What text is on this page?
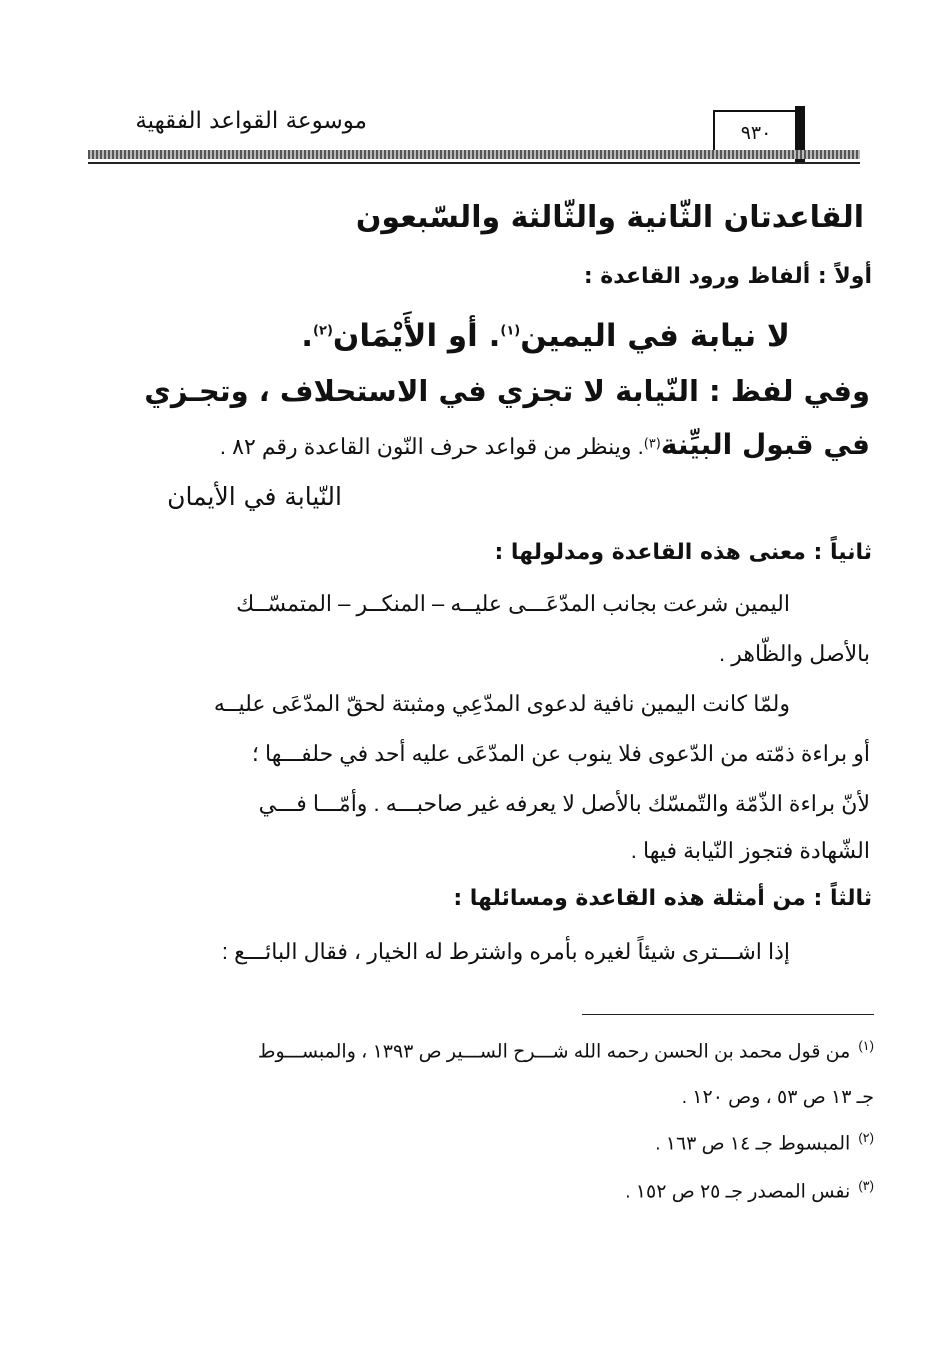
موسوعة القواعد الفقهية	٩٣٠
القاعدتان الثّانية والثّالثة والسّبعون
أولاً : ألفاظ ورود القاعدة :
لا نيابة في اليمين$^{(١)}$. أو الأَيْمَان$^{(٢)}$.
وفي لفظ : النّيابة لا تجزي في الاستحلاف ، وتجـزي
في قبول البيِّنة$^{(٣)}$. وينظر من قواعد حرف النّون القاعدة رقم ٨٢ .
النّيابة في الأيمان
ثانياً : معنى هذه القاعدة ومدلولها :
اليمين شرعت بجانب المدّعَـــى عليــه – المنكــر – المتمسّــك
بالأصل والظّاهر .
ولمّا كانت اليمين نافية لدعوى المدّعِي ومثبتة لحقّ المدّعَى عليــه
أو براءة ذمّته من الدّعوى فلا ينوب عن المدّعَى عليه أحد في حلفـــها ؛
لأنّ براءة الذّمّة والتّمسّك بالأصل لا يعرفه غير صاحبـــه . وأمّـــا فـــي
الشّهادة فتجوز النّيابة فيها .
ثالثاً : من أمثلة هذه القاعدة ومسائلها :
إذا اشـــترى شيئاً لغيره بأمره واشترط له الخيار ، فقال البائـــع :
$^{(١)}$من قول محمد بن الحسن رحمه الله شـــرح الســـير ص ١٣٩٣ ، والمبســـوط
جـ ١٣ ص ٥٣ ، وص ١٢٠ .
$^{(٢)}$المبسوط جـ ١٤ ص ١٦٣ .
$^{(٣)}$نفس المصدر جـ ٢٥ ص ١٥٢ .
